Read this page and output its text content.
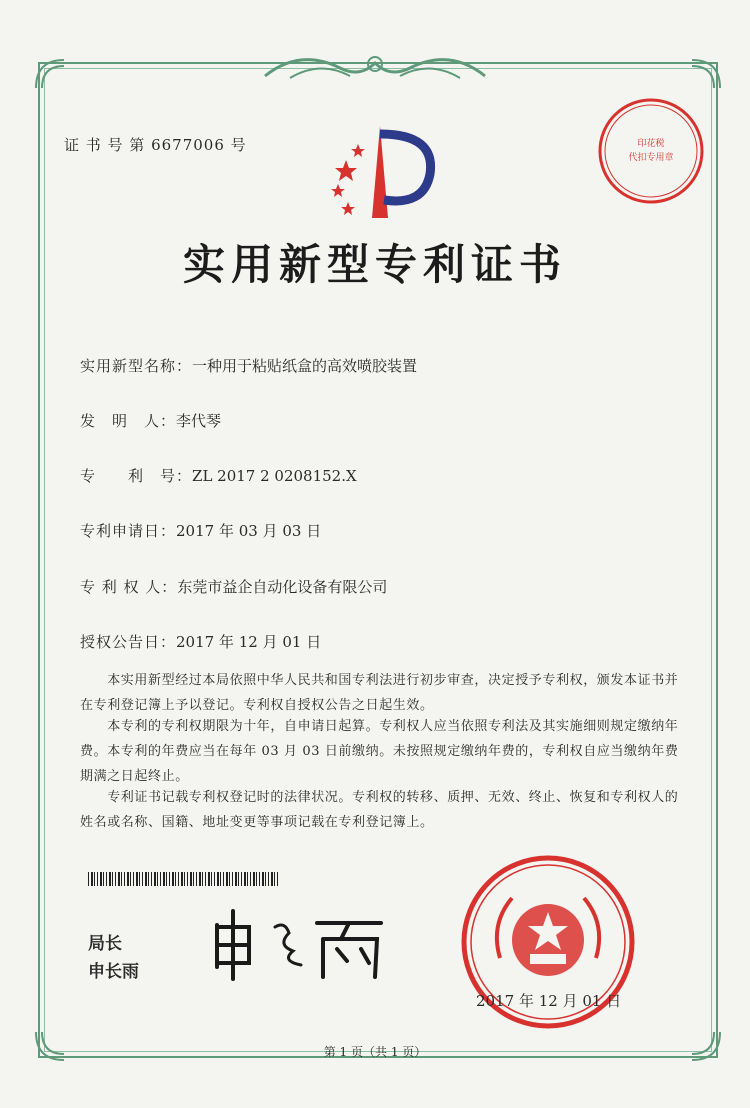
证 书 号 第 6677006 号	印花税
代扣专用章
实用新型专利证书
实用新型名称：一种用于粘贴纸盒的高效喷胶装置
发　明　人：李代琴
专　　利　号：ZL 2017 2 0208152.X
专利申请日：2017 年 03 月 03 日
专 利 权 人：东莞市益企自动化设备有限公司
授权公告日：2017 年 12 月 01 日
　　本实用新型经过本局依照中华人民共和国专利法进行初步审查，决定授予专利权，颁发本证书并在专利登记簿上予以登记。专利权自授权公告之日起生效。
　　本专利的专利权期限为十年，自申请日起算。专利权人应当依照专利法及其实施细则规定缴纳年费。本专利的年费应当在每年 03 月 03 日前缴纳。未按照规定缴纳年费的，专利权自应当缴纳年费期满之日起终止。
　　专利证书记载专利权登记时的法律状况。专利权的转移、质押、无效、终止、恢复和专利权人的姓名或名称、国籍、地址变更等事项记载在专利登记簿上。
局长
申长雨
2017 年 12 月 01 日
第 1 页（共 1 页）
